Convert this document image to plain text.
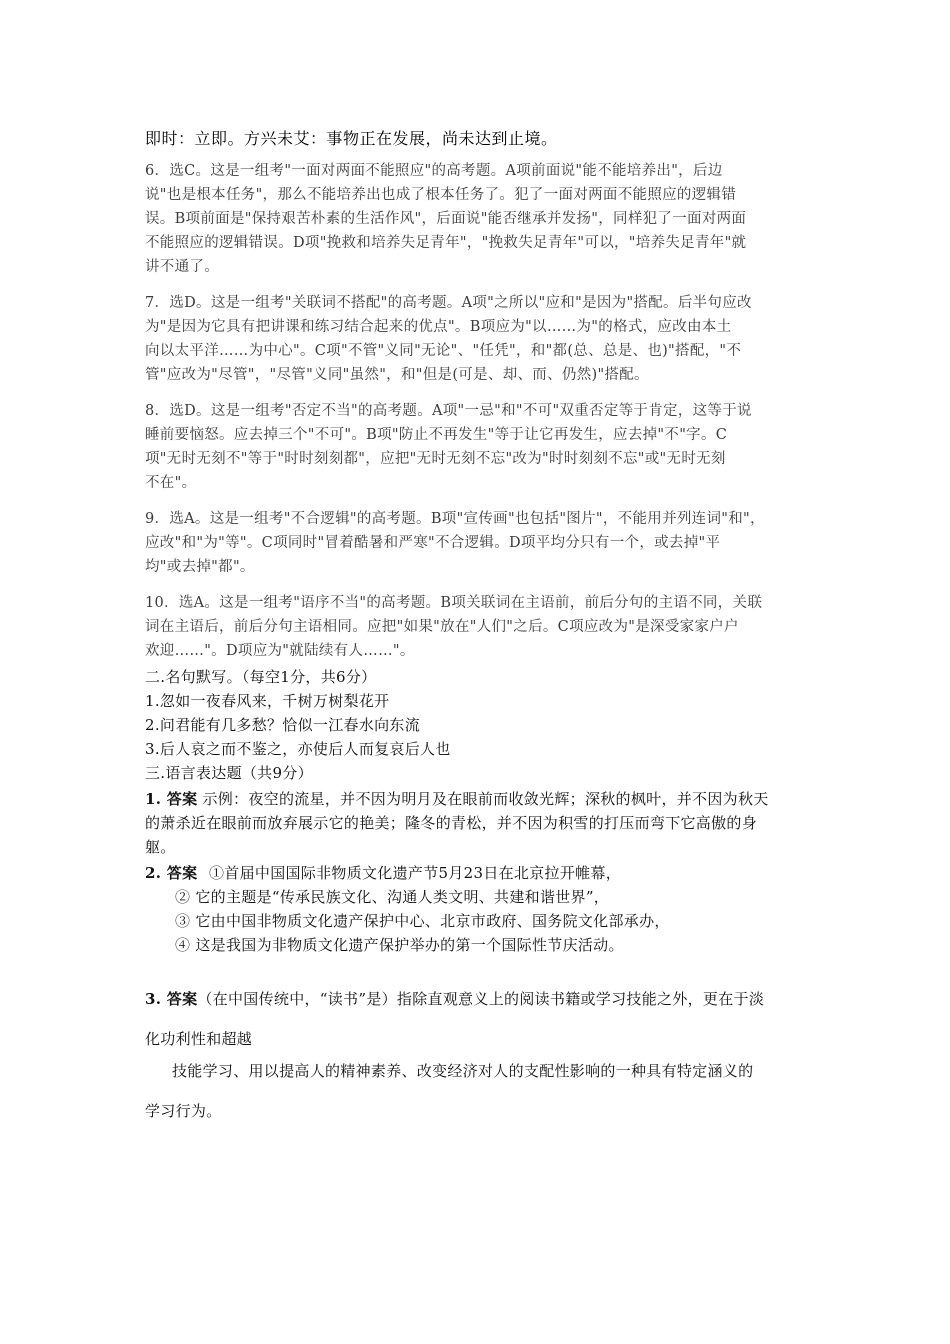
即时：立即。方兴未艾：事物正在发展，尚未达到止境。

6．选C。这是一组考"一面对两面不能照应"的高考题。A项前面说"能不能培养出"，后边

说"也是根本任务"，那么不能培养出也成了根本任务了。犯了一面对两面不能照应的逻辑错

误。B项前面是"保持艰苦朴素的生活作风"，后面说"能否继承并发扬"，同样犯了一面对两面

不能照应的逻辑错误。D项"挽救和培养失足青年"，"挽救失足青年"可以，"培养失足青年"就

讲不通了。

7．选D。这是一组考"关联词不搭配"的高考题。A项"之所以"应和"是因为"搭配。后半句应改

为"是因为它具有把讲课和练习结合起来的优点"。B项应为"以……为"的格式，应改由本土

向以太平洋……为中心"。C项"不管"义同"无论"、"任凭"，和"都(总、总是、也)"搭配，"不

管"应改为"尽管"，"尽管"义同"虽然"，和"但是(可是、却、而、仍然)"搭配。

8．选D。这是一组考"否定不当"的高考题。A项"一忌"和"不可"双重否定等于肯定，这等于说

睡前要恼怒。应去掉三个"不可"。B项"防止不再发生"等于让它再发生，应去掉"不"字。C

项"无时无刻不"等于"时时刻刻都"，应把"无时无刻不忘"改为"时时刻刻不忘"或"无时无刻

不在"。

9．选A。这是一组考"不合逻辑"的高考题。B项"宣传画"也包括"图片"，不能用并列连词"和"，

应改"和"为"等"。C项同时"冒着酷暑和严寒"不合逻辑。D项平均分只有一个，或去掉"平

均"或去掉"都"。

10．选A。这是一组考"语序不当"的高考题。B项关联词在主语前，前后分句的主语不同，关联

词在主语后，前后分句主语相同。应把"如果"放在"人们"之后。C项应改为"是深受家家户户

欢迎……"。D项应为"就陆续有人……"。

二.名句默写。（每空1分，共6分）

1.忽如一夜春风来，千树万树梨花开

2.问君能有几多愁？恰似一江春水向东流

3.后人哀之而不鉴之，亦使后人而复哀后人也

三.语言表达题（共9分）

1. 答案 示例：夜空的流星，并不因为明月及在眼前而收敛光辉；深秋的枫叶，并不因为秋天

的萧杀近在眼前而放弃展示它的艳美；隆冬的青松，并不因为积雪的打压而弯下它高傲的身

躯。

2. 答案 ①首届中国国际非物质文化遗产节5月23日在北京拉开帷幕，

② 它的主题是“传承民族文化、沟通人类文明、共建和谐世界”，

③ 它由中国非物质文化遗产保护中心、北京市政府、国务院文化部承办，

④ 这是我国为非物质文化遗产保护举办的第一个国际性节庆活动。

3. 答案（在中国传统中，“读书”是）指除直观意义上的阅读书籍或学习技能之外，更在于淡

化功利性和超越

技能学习、用以提高人的精神素养、改变经济对人的支配性影响的一种具有特定涵义的

学习行为。
